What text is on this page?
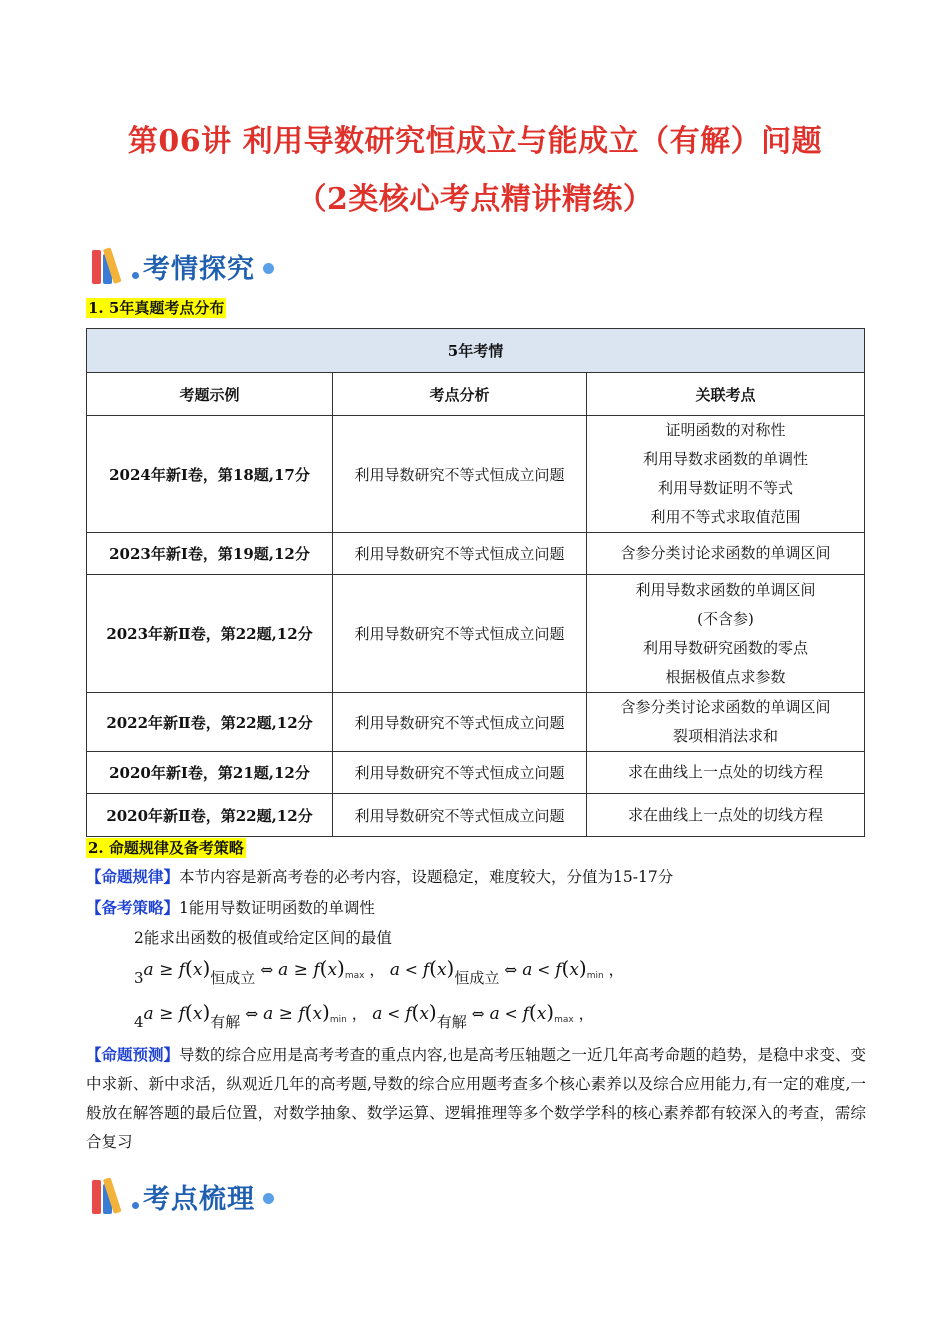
第06讲 利用导数研究恒成立与能成立（有解）问题
（2类核心考点精讲精练）
考情探究
1. 5年真题考点分布
5年考情		
考题示例	考点分析	关联考点
2024年新I卷，第18题,17分	利用导数研究不等式恒成立问题	证明函数的对称性
利用导数求函数的单调性
利用导数证明不等式
利用不等式求取值范围

2023年新I卷，第19题,12分	利用导数研究不等式恒成立问题	含参分类讨论求函数的单调区间

2023年新Ⅱ卷，第22题,12分	利用导数研究不等式恒成立问题	利用导数求函数的单调区间
(不含参)
利用导数研究函数的零点
根据极值点求参数

2022年新Ⅱ卷，第22题,12分	利用导数研究不等式恒成立问题	含参分类讨论求函数的单调区间
裂项相消法求和

2020年新I卷，第21题,12分	利用导数研究不等式恒成立问题	求在曲线上一点处的切线方程

2020年新Ⅱ卷，第22题,12分	利用导数研究不等式恒成立问题	求在曲线上一点处的切线方程
2. 命题规律及备考策略
【命题规律】本节内容是新高考卷的必考内容，设题稳定，难度较大，分值为15-17分
【备考策略】1能用导数证明函数的单调性
2能求出函数的极值或给定区间的最值
3a ≥ f(x)恒成立 ⇔ $a \ge f(x)_{max}$ ， a < f(x)恒成立 ⇔ $a < f(x)_{min}$ ，
4a ≥ f(x)有解 ⇔ $a \ge f(x)_{min}$ ， a < f(x)有解 ⇔ $a < f(x)_{max}$ ，
【命题预测】导数的综合应用是高考考查的重点内容,也是高考压轴题之一近几年高考命题的趋势，是稳中求变、变中求新、新中求活，纵观近几年的高考题,导数的综合应用题考查多个核心素养以及综合应用能力,有一定的难度,一般放在解答题的最后位置，对数学抽象、数学运算、逻辑推理等多个数学学科的核心素养都有较深入的考查，需综合复习
考点梳理
